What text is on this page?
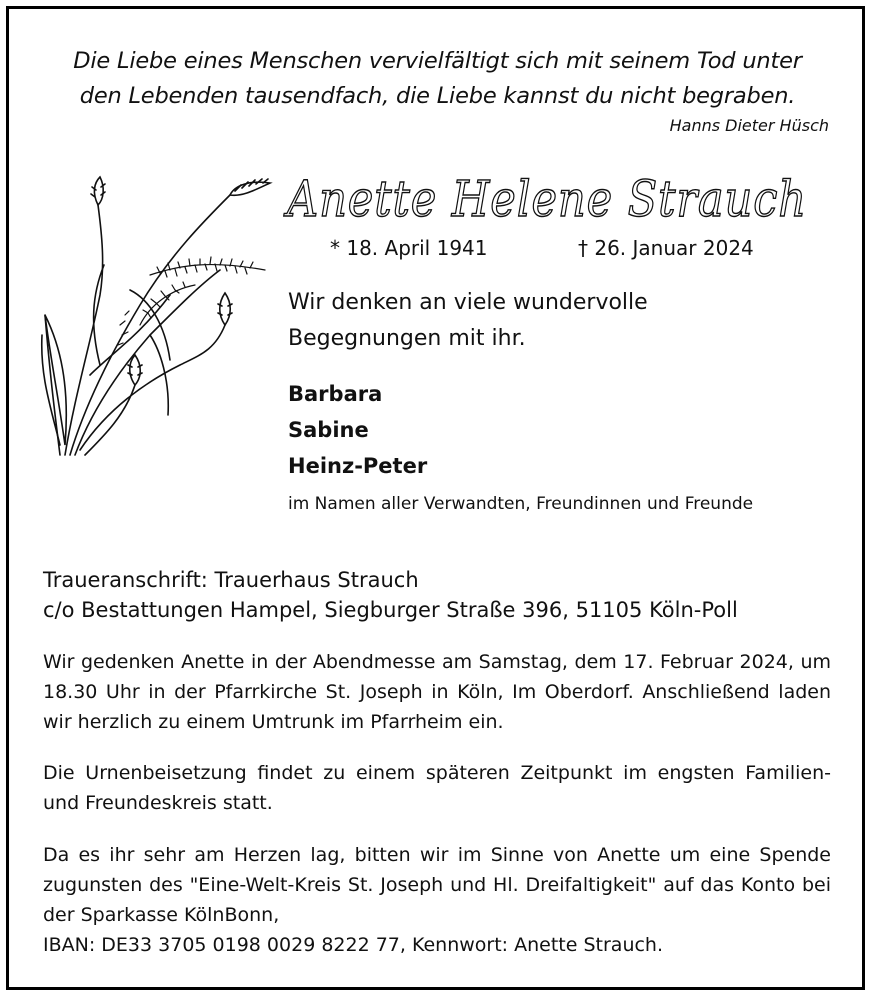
Die Liebe eines Menschen vervielfältigt sich mit seinem Tod unter
den Lebenden tausendfach, die Liebe kannst du nicht begraben.
Hanns Dieter Hüsch
Anette Helene Strauch
* 18. April 1941	† 26. Januar 2024
Wir denken an viele wundervolle
Begegnungen mit ihr.
Barbara
Sabine
Heinz-Peter
im Namen aller Verwandten, Freundinnen und Freunde
Traueranschrift: Trauerhaus Strauch
c/o Bestattungen Hampel, Siegburger Straße 396, 51105 Köln-Poll
Wir gedenken Anette in der Abendmesse am Samstag, dem 17. Februar 2024, um 18.30 Uhr in der Pfarrkirche St. Joseph in Köln, Im Oberdorf. Anschließend laden wir herzlich zu einem Umtrunk im Pfarrheim ein.
Die Urnenbeisetzung findet zu einem späteren Zeitpunkt im engsten Familien- und Freundeskreis statt.
Da es ihr sehr am Herzen lag, bitten wir im Sinne von Anette um eine Spende zugunsten des "Eine-Welt-Kreis St. Joseph und Hl. Dreifaltigkeit" auf das Konto bei der Sparkasse KölnBonn,
IBAN: DE33 3705 0198 0029 8222 77, Kennwort: Anette Strauch.
